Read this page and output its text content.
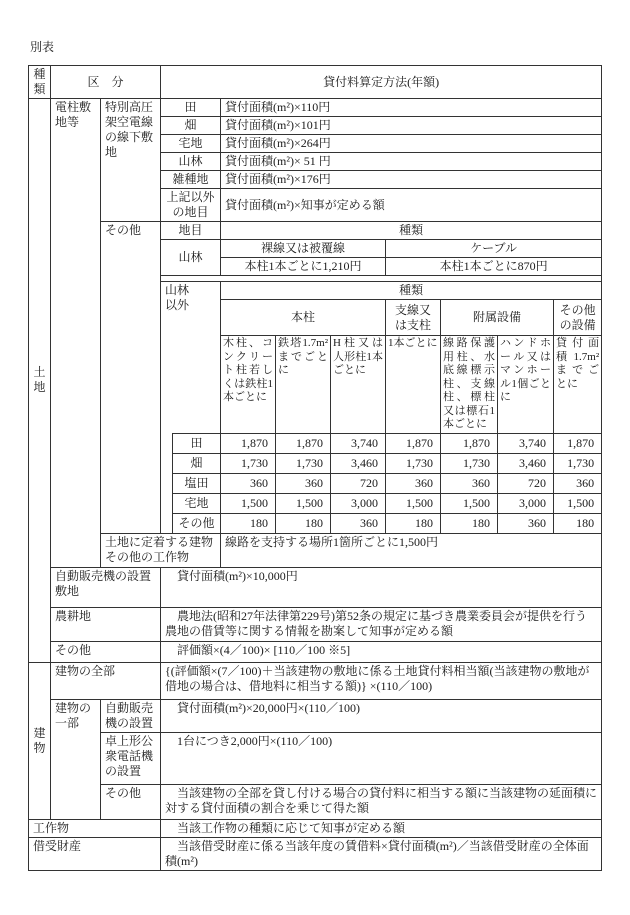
別表
種類	区　分		貸付料算定方法(年額)								
土地	電柱敷地等	特別高圧架空電線の線下敷地	田		貸付面積(m²)×110円						
			畑		貸付面積(m²)×101円						
			宅地		貸付面積(m²)×264円						
			山林		貸付面積(m²)× 51 円						
			雑種地		貸付面積(m²)×176円						
			上記以外の地目		貸付面積(m²)×知事が定める額						
		その他	地目		種類						
			山林		裸線又は被覆線			ケーブル			
					本柱1本ごとに1,210円			本柱1本ごとに870円			

			山林以外		種類						
					本柱			支線又は支柱	附属設備		その他の設備
					木柱、コンクリート柱若しくは鉄柱1本ごとに	鉄塔1.7m²までごとに	H柱又は人形柱1本ごとに	1本ごとに	線路保護用柱、水底線標示柱、支線柱、標柱又は標石1本ごとに	ハンドホール又はマンホール1個ごとに	貸付面積1.7m²までごとに
				田	1,870	1,870	3,740	1,870	1,870	3,740	1,870
				畑	1,730	1,730	3,460	1,730	1,730	3,460	1,730
				塩田	360	360	720	360	360	720	360
				宅地	1,500	1,500	3,000	1,500	1,500	3,000	1,500
				その他	180	180	360	180	180	360	180
		土地に定着する建物その他の工作物			線路を支持する場所1箇所ごとに1,500円						
	自動販売機の設置敷地		貸付面積(m²)×10,000円								
	農耕地		農地法(昭和27年法律第229号)第52条の規定に基づき農業委員会が提供を行う農地の借賃等に関する情報を勘案して知事が定める額								
	その他		評価額×(4／100)× [110／100 ※5]								
建物	建物の全部		{(評価額×(7／100)＋当該建物の敷地に係る土地貸付料相当額(当該建物の敷地が借地の場合は、借地料に相当する額)} ×(110／100)								
	建物の一部	自動販売機の設置	貸付面積(m²)×20,000円×(110／100)								
		卓上形公衆電話機の設置	1台につき2,000円×(110／100)								
		その他	当該建物の全部を貸し付ける場合の貸付料に相当する額に当該建物の延面積に対する貸付面積の割合を乗じて得た額								
工作物			当該工作物の種類に応じて知事が定める額								
借受財産			当該借受財産に係る当該年度の賃借料×貸付面積(m²)／当該借受財産の全体面積(m²)								
